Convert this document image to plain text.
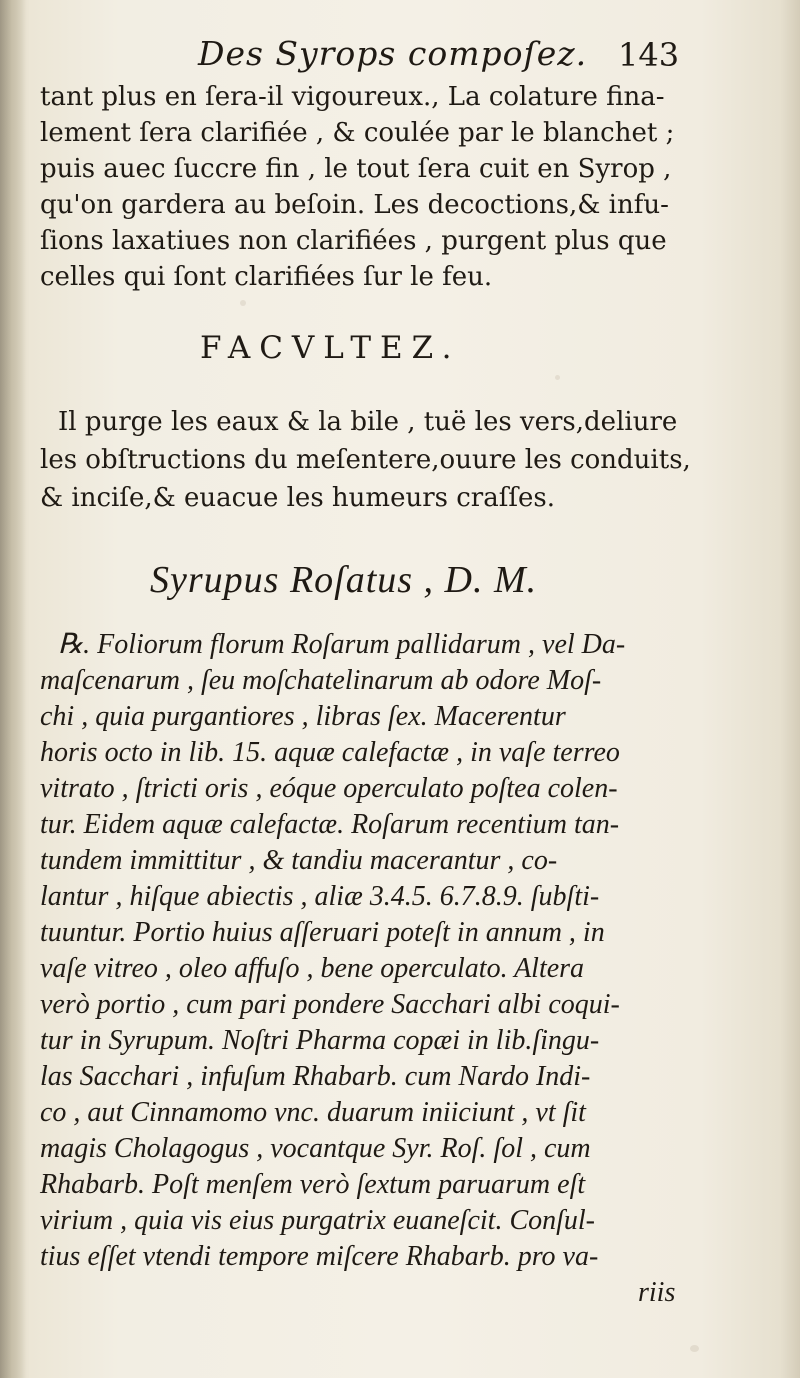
Des Syrops compoſez. 143
tant plus en ſera-il vigoureux., La colature fina-
lement ſera clarifiée , & coulée par le blanchet ;
puis auec ſuccre fin , le tout ſera cuit en Syrop ,
qu'on gardera au beſoin. Les decoctions,& infu-
ſions laxatiues non clarifiées , purgent plus que
celles qui ſont clarifiées ſur le feu.
FACVLTEZ.
Il purge les eaux & la bile , tuë les vers,deliure
les obſtructions du meſentere,ouure les conduits,
& inciſe,& euacue les humeurs craſſes.
Syrupus Roſatus , D. M.
℞. Foliorum florum Roſarum pallidarum , vel Da-
maſcenarum , ſeu moſchatelinarum ab odore Moſ-
chi , quia purgantiores , libras ſex. Macerentur
horis octo in lib. 15. aquæ calefactæ , in vaſe terreo
vitrato , ſtricti oris , eóque operculato poſtea colen-
tur. Eidem aquæ calefactæ. Roſarum recentium tan-
tundem immittitur , & tandiu macerantur , co-
lantur , hiſque abiectis , aliæ 3.4.5. 6.7.8.9. ſubſti-
tuuntur. Portio huius aſſeruari poteſt in annum , in
vaſe vitreo , oleo affuſo , bene operculato. Altera
verò portio , cum pari pondere Sacchari albi coqui-
tur in Syrupum. Noſtri Pharma copæi in lib.ſingu-
las Sacchari , infuſum Rhabarb. cum Nardo Indi-
co , aut Cinnamomo vnc. duarum iniiciunt , vt ſit
magis Cholagogus , vocantque Syr. Roſ. ſol , cum
Rhabarb. Poſt menſem verò ſextum paruarum eſt
virium , quia vis eius purgatrix euaneſcit. Conſul-
tius eſſet vtendi tempore miſcere Rhabarb. pro va-
riis
